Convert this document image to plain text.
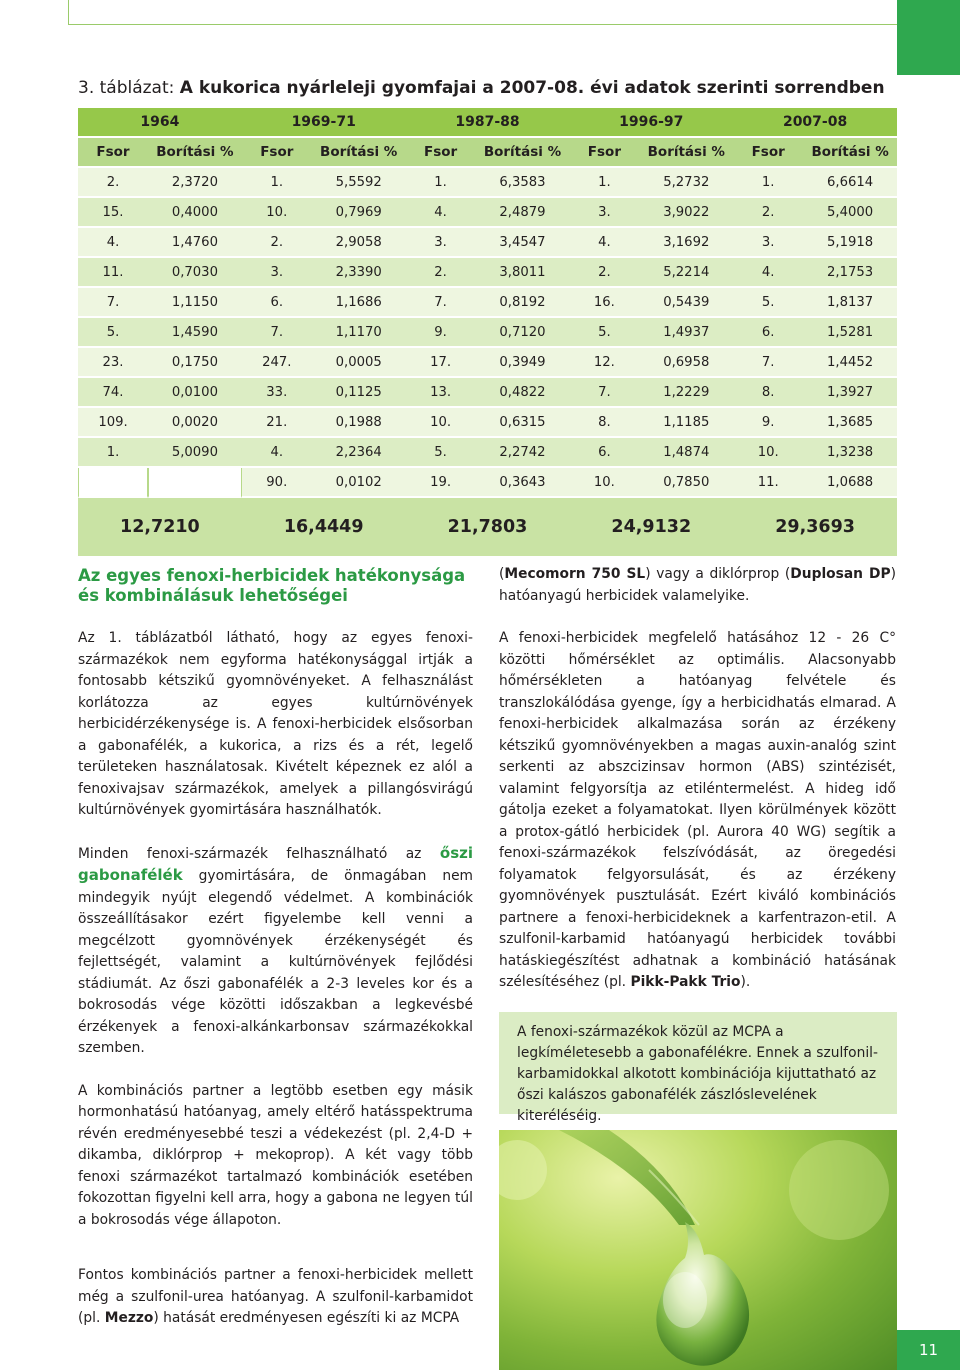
3. táblázat: A kukorica nyárleleji gyomfajai a 2007-08. évi adatok szerinti sorrendben
1964		1969-71		1987-88		1996-97		2007-08	
Fsor	Borítási %	Fsor	Borítási %	Fsor	Borítási %	Fsor	Borítási %	Fsor	Borítási %
2.	2,3720	1.	5,5592	1.	6,3583	1.	5,2732	1.	6,6614
15.	0,4000	10.	0,7969	4.	2,4879	3.	3,9022	2.	5,4000
4.	1,4760	2.	2,9058	3.	3,4547	4.	3,1692	3.	5,1918
11.	0,7030	3.	2,3390	2.	3,8011	2.	5,2214	4.	2,1753
7.	1,1150	6.	1,1686	7.	0,8192	16.	0,5439	5.	1,8137
5.	1,4590	7.	1,1170	9.	0,7120	5.	1,4937	6.	1,5281
23.	0,1750	247.	0,0005	17.	0,3949	12.	0,6958	7.	1,4452
74.	0,0100	33.	0,1125	13.	0,4822	7.	1,2229	8.	1,3927
109.	0,0020	21.	0,1988	10.	0,6315	8.	1,1185	9.	1,3685
1.	5,0090	4.	2,2364	5.	2,2742	6.	1,4874	10.	1,3238
		90.	0,0102	19.	0,3643	10.	0,7850	11.	1,0688
12,7210		16,4449		21,7803		24,9132		29,3693	
Az egyes fenoxi-herbicidek hatékonysága és kombinálásuk lehetőségei

Az 1. táblázatból látható, hogy az egyes fenoxi-származékok nem egyforma hatékonysággal irtják a fontosabb kétszikű gyomnövényeket. A felhasználást korlátozza az egyes kultúrnövények herbicidérzékenysége is. A fenoxi-herbicidek elsősorban a gabonafélék, a kukorica, a rizs és a rét, legelő területeken használatosak. Kivételt képeznek ez alól a fenoxivajsav származékok, amelyek a pillangósvirágú kultúrnövények gyomirtására használhatók.

Minden fenoxi-származék felhasználható az őszi gabonafélék gyomirtására, de önmagában nem mindegyik nyújt elegendő védelmet. A kombinációk összeállításakor ezért figyelembe kell venni a megcélzott gyomnövények érzékenységét és fejlettségét, valamint a kultúrnövények fejlődési stádiumát. Az őszi gabonafélék a 2-3 leveles kor és a bokrosodás vége közötti időszakban a legkevésbé érzékenyek a fenoxi-alkánkarbonsav származékokkal szemben.

A kombinációs partner a legtöbb esetben egy másik hormonhatású hatóanyag, amely eltérő hatásspektruma révén eredményesebbé teszi a védekezést (pl. 2,4-D + dikamba, diklórprop + mekoprop). A két vagy több fenoxi származékot tartalmazó kombinációk esetében fokozottan figyelni kell arra, hogy a gabona ne legyen túl a bokrosodás vége állapoton.

Fontos kombinációs partner a fenoxi-herbicidek mellett még a szulfonil-urea hatóanyag. A szulfonil-karbamidot (pl. Mezzo) hatását eredményesen egészíti ki az MCPA

(Mecomorn 750 SL) vagy a diklórprop (Duplosan DP) hatóanyagú herbicidek valamelyike.

A fenoxi-herbicidek megfelelő hatásához 12 - 26 C° közötti hőmérséklet az optimális. Alacsonyabb hőmérsékleten a hatóanyag felvétele és transzlokálódása gyenge, így a herbicidhatás elmarad. A fenoxi-herbicidek alkalmazása során az érzékeny kétszikű gyomnövényekben a magas auxin-analóg szint serkenti az abszcizinsav hormon (ABS) szintézisét, valamint felgyorsítja az etiléntermelést. A hideg idő gátolja ezeket a folyamatokat. Ilyen körülmények között a protox-gátló herbicidek (pl. Aurora 40 WG) segítik a fenoxi-származékok felszívódását, az öregedési folyamatok felgyorsulását, és az érzékeny gyomnövények pusztulását. Ezért kiváló kombinációs partnere a fenoxi-herbicideknek a karfentrazon-etil. A szulfonil-karbamid hatóanyagú herbicidek további hatáskiegészítést adhatnak a kombináció hatásának szélesítéséhez (pl. Pikk-Pakk Trio).

A fenoxi-származékok közül az MCPA a legkíméletesebb a gabonafélékre. Ennek a szulfonil-karbamidokkal alkotott kombinációja kijuttatható az őszi kalászos gabonafélék zászlóslevelének kiteréléséig.
11
